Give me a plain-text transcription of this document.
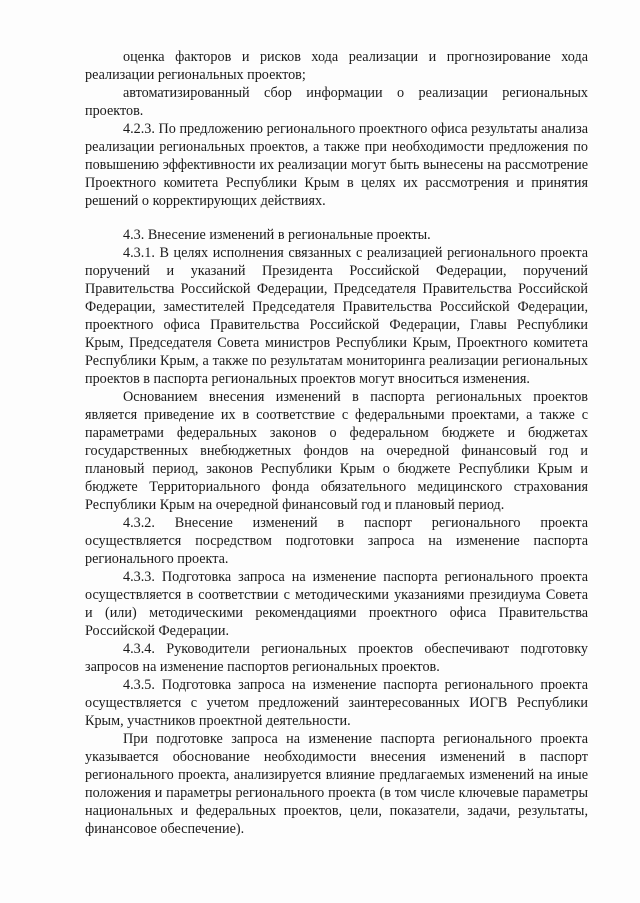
оценка факторов и рисков хода реализации и прогнозирование хода реализации региональных проектов;

автоматизированный сбор информации о реализации региональных проектов.

4.2.3. По предложению регионального проектного офиса результаты анализа реализации региональных проектов, а также при необходимости предложения по повышению эффективности их реализации могут быть вынесены на рассмотрение Проектного комитета Республики Крым в целях их рассмотрения и принятия решений о корректирующих действиях.

4.3. Внесение изменений в региональные проекты.

4.3.1. В целях исполнения связанных с реализацией регионального проекта поручений и указаний Президента Российской Федерации, поручений Правительства Российской Федерации, Председателя Правительства Российской Федерации, заместителей Председателя Правительства Российской Федерации, проектного офиса Правительства Российской Федерации, Главы Республики Крым, Председателя Совета министров Республики Крым, Проектного комитета Республики Крым, а также по результатам мониторинга реализации региональных проектов в паспорта региональных проектов могут вноситься изменения.

Основанием внесения изменений в паспорта региональных проектов является приведение их в соответствие с федеральными проектами, а также с параметрами федеральных законов о федеральном бюджете и бюджетах государственных внебюджетных фондов на очередной финансовый год и плановый период, законов Республики Крым о бюджете Республики Крым и бюджете Территориального фонда обязательного медицинского страхования Республики Крым на очередной финансовый год и плановый период.

4.3.2. Внесение изменений в паспорт регионального проекта осуществляется посредством подготовки запроса на изменение паспорта регионального проекта.

4.3.3. Подготовка запроса на изменение паспорта регионального проекта осуществляется в соответствии с методическими указаниями президиума Совета и (или) методическими рекомендациями проектного офиса Правительства Российской Федерации.

4.3.4. Руководители региональных проектов обеспечивают подготовку запросов на изменение паспортов региональных проектов.

4.3.5. Подготовка запроса на изменение паспорта регионального проекта осуществляется с учетом предложений заинтересованных ИОГВ Республики Крым, участников проектной деятельности.

При подготовке запроса на изменение паспорта регионального проекта указывается обоснование необходимости внесения изменений в паспорт регионального проекта, анализируется влияние предлагаемых изменений на иные положения и параметры регионального проекта (в том числе ключевые параметры национальных и федеральных проектов, цели, показатели, задачи, результаты, финансовое обеспечение).
